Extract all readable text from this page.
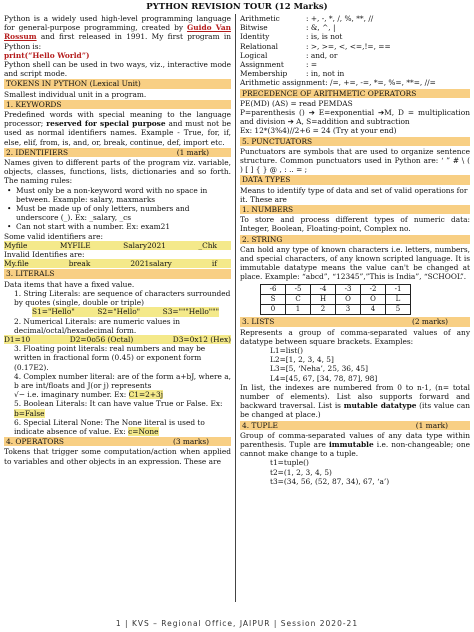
PYTHON REVISION TOUR (12 Marks)
Python is a widely used high-level programming language for general-purpose programming, created by Guido Van Rossum and first released in 1991. My first program in Python is:
print(“Hello World”)
Python shell can be used in two ways, viz., interactive mode and script mode.
TOKENS IN PYTHON (Lexical Unit)
Smallest individual unit in a program.
1. KEYWORDS
Predefined words with special meaning to the language processor; reserved for special purpose and must not be used as normal identifiers names. Example - True, for, if, else, elif, from, is, and, or, break, continue, def, import etc.
2. IDENTIFIERS	(1 mark)
Names given to different parts of the program viz. variable, objects, classes, functions, lists, dictionaries and so forth. The naming rules:
• Must only be a non-keyword word with no space in between. Example: salary, maxmarks
• Must be made up of only letters, numbers and underscore (_). Ex: _salary, _cs
• Can not start with a number. Ex: exam21
Some valid identifiers are:
Myfile	MYFILE	Salary2021	_Chk
Invalid Identifies are:
My.file	break	2021salary	if
3. LITERALS
Data items that have a fixed value.
1. String Literals: are sequence of characters surrounded by quotes (single, double or triple)
S1="Hello"	S2="Hello"	S3="""Hello"""
2. Numerical Literals: are numeric values in decimal/octal/hexadecimal form.
D1=10	D2=0o56 (Octal)	D3=0x12 (Hex)
3. Floating point literals: real numbers and may be written in fractional form (0.45) or exponent form (0.17E2).
4. Complex number literal: are of the form a+bJ, where a, b are int/floats and J(or j) represents
√− i.e. imaginary number. Ex: C1=2+3j
5. Boolean Literals: It can have value True or False. Ex: b=False
6. Special Literal None: The None literal is used to indicate absence of value. Ex: c=None
4. OPERATORS	(3 marks)
Tokens that trigger some computation/action when applied to variables and other objects in an expression. These are
Arithmetic	: +, -, *, /, %, **, //
Bitwise	: &, ^, |
Identity	: is, is not
Relational	: >, >=, <, <=,!=, ==
Logical	: and, or
Assignment	: =
Membership	: in, not in
Arithmetic assignment: /=, +=, -=, *=, %=, **=, //=
PRECEDENCE OF ARITHMETIC OPERATORS
PE(MD) (AS) = read PEMDAS
P=parenthesis () ➔ E=exponential ➔M, D = multiplication and division ➔ A, S=addition and subtraction
Ex: 12*(3%4)//2+6 = 24 (Try at your end)
5. PUNCTUATORS
Punctuators are symbols that are used to organize sentence structure. Common punctuators used in Python are: ‘ ” # \ ( ) [ ] { } @ , : .. = ;
DATA TYPES
Means to identify type of data and set of valid operations for it. These are
1. NUMBERS
To store and process different types of numeric data: Integer, Boolean, Floating-point, Complex no.
2. STRING
Can hold any type of known characters i.e. letters, numbers, and special characters, of any known scripted language. It is immutable datatype means the value can't be changed at place. Example: “abcd”, “12345”,”This is India”, “SCHOOL”.
-6	-5	-4	-3	-2	-1
S	C	H	O	O	L
0	1	2	3	4	5
3. LISTS	(2 marks)
Represents a group of comma-separated values of any datatype between square brackets. Examples:
L1=list()
L2=[1, 2, 3, 4, 5]
L3=[5, ‘Neha’, 25, 36, 45]
L4=[45, 67, [34, 78, 87], 98]
In list, the indexes are numbered from 0 to n-1, (n= total number of elements). List also supports forward and backward traversal. List is mutable datatype (its value can be changed at place.)
4. TUPLE	(1 mark)
Group of comma-separated values of any data type within parenthesis. Tuple are immutable i.e. non-changeable; one cannot make change to a tuple.
t1=tuple()
t2=(1, 2, 3, 4, 5)
t3=(34, 56, (52, 87, 34), 67, ‘a’)
1 | KVS – Regional Office, JAIPUR | Session 2020-21
